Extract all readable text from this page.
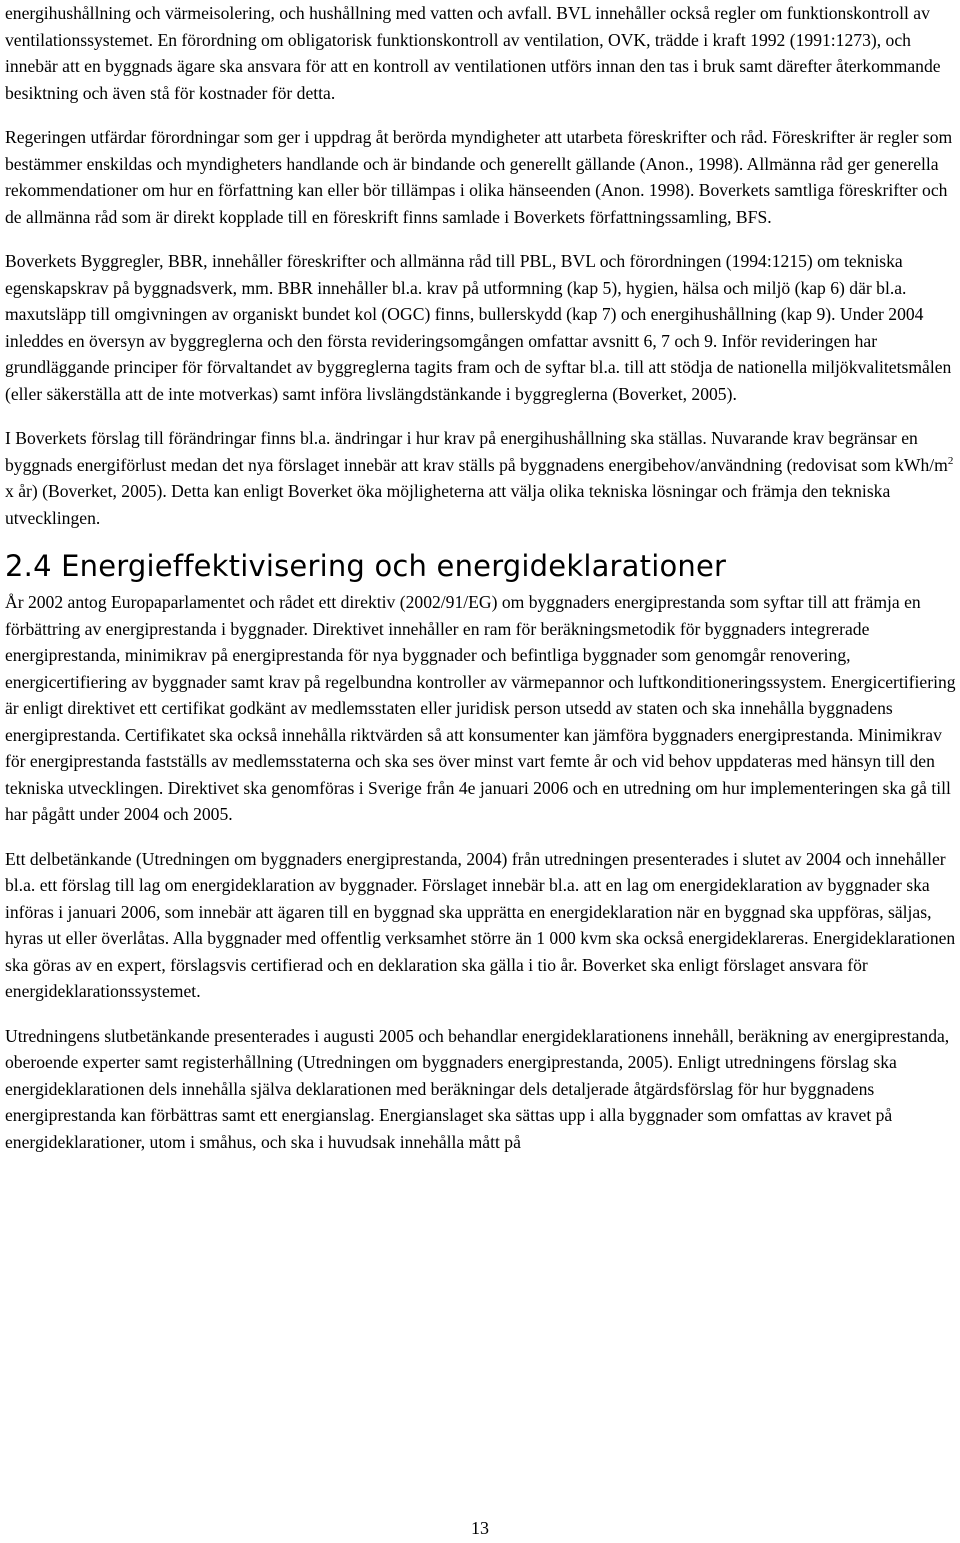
energihushållning och värmeisolering, och hushållning med vatten och avfall. BVL innehåller också regler om funktionskontroll av ventilationssystemet. En förordning om obligatorisk funktionskontroll av ventilation, OVK, trädde i kraft 1992 (1991:1273), och innebär att en byggnads ägare ska ansvara för att en kontroll av ventilationen utförs innan den tas i bruk samt därefter återkommande besiktning och även stå för kostnader för detta.

Regeringen utfärdar förordningar som ger i uppdrag åt berörda myndigheter att utarbeta föreskrifter och råd. Föreskrifter är regler som bestämmer enskildas och myndigheters handlande och är bindande och generellt gällande (Anon., 1998). Allmänna råd ger generella rekommendationer om hur en författning kan eller bör tillämpas i olika hänseenden (Anon. 1998). Boverkets samtliga föreskrifter och de allmänna råd som är direkt kopplade till en föreskrift finns samlade i Boverkets författningssamling, BFS.

Boverkets Byggregler, BBR, innehåller föreskrifter och allmänna råd till PBL, BVL och förordningen (1994:1215) om tekniska egenskapskrav på byggnadsverk, mm. BBR innehåller bl.a. krav på utformning (kap 5), hygien, hälsa och miljö (kap 6) där bl.a. maxutsläpp till omgivningen av organiskt bundet kol (OGC) finns, bullerskydd (kap 7) och energihushållning (kap 9). Under 2004 inleddes en översyn av byggreglerna och den första revideringsomgången omfattar avsnitt 6, 7 och 9. Inför revideringen har grundläggande principer för förvaltandet av byggreglerna tagits fram och de syftar bl.a. till att stödja de nationella miljökvalitetsmålen (eller säkerställa att de inte motverkas) samt införa livslängdstänkande i byggreglerna (Boverket, 2005).

I Boverkets förslag till förändringar finns bl.a. ändringar i hur krav på energihushållning ska ställas. Nuvarande krav begränsar en byggnads energiförlust medan det nya förslaget innebär att krav ställs på byggnadens energibehov/användning (redovisat som kWh/$m^2$ x år) (Boverket, 2005). Detta kan enligt Boverket öka möjligheterna att välja olika tekniska lösningar och främja den tekniska utvecklingen.

2.4 Energieffektivisering och energideklarationer

År 2002 antog Europaparlamentet och rådet ett direktiv (2002/91/EG) om byggnaders energiprestanda som syftar till att främja en förbättring av energiprestanda i byggnader. Direktivet innehåller en ram för beräkningsmetodik för byggnaders integrerade energiprestanda, minimikrav på energiprestanda för nya byggnader och befintliga byggnader som genomgår renovering, energicertifiering av byggnader samt krav på regelbundna kontroller av värmepannor och luftkonditioneringssystem. Energicertifiering är enligt direktivet ett certifikat godkänt av medlemsstaten eller juridisk person utsedd av staten och ska innehålla byggnadens energiprestanda. Certifikatet ska också innehålla riktvärden så att konsumenter kan jämföra byggnaders energiprestanda. Minimikrav för energiprestanda fastställs av medlemsstaterna och ska ses över minst vart femte år och vid behov uppdateras med hänsyn till den tekniska utvecklingen. Direktivet ska genomföras i Sverige från 4e januari 2006 och en utredning om hur implementeringen ska gå till har pågått under 2004 och 2005.

Ett delbetänkande (Utredningen om byggnaders energiprestanda, 2004) från utredningen presenterades i slutet av 2004 och innehåller bl.a. ett förslag till lag om energideklaration av byggnader. Förslaget innebär bl.a. att en lag om energideklaration av byggnader ska införas i januari 2006, som innebär att ägaren till en byggnad ska upprätta en energideklaration när en byggnad ska uppföras, säljas, hyras ut eller överlåtas. Alla byggnader med offentlig verksamhet större än 1 000 kvm ska också energideklareras. Energideklarationen ska göras av en expert, förslagsvis certifierad och en deklaration ska gälla i tio år. Boverket ska enligt förslaget ansvara för energideklarationssystemet.

Utredningens slutbetänkande presenterades i augusti 2005 och behandlar energideklarationens innehåll, beräkning av energiprestanda, oberoende experter samt registerhållning (Utredningen om byggnaders energiprestanda, 2005). Enligt utredningens förslag ska energideklarationen dels innehålla själva deklarationen med beräkningar dels detaljerade åtgärdsförslag för hur byggnadens energiprestanda kan förbättras samt ett energianslag. Energianslaget ska sättas upp i alla byggnader som omfattas av kravet på energideklarationer, utom i småhus, och ska i huvudsak innehålla mått på

13
